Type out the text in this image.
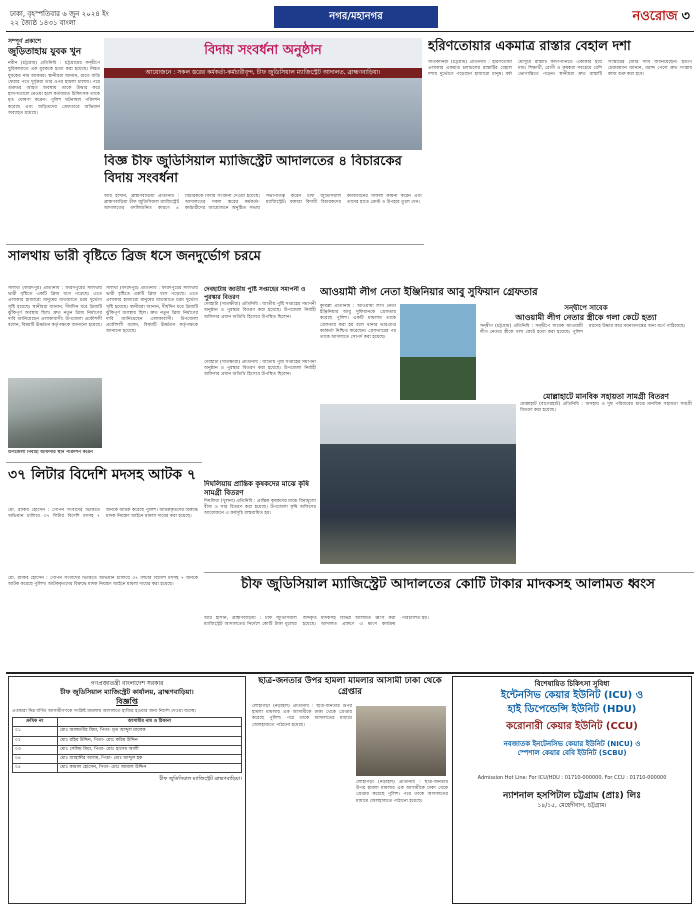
ঢাকা, বৃহস্পতিবার ৬ জুন ২০২৪ ইং
২২ জ্যৈষ্ঠ ১৪৩১ বাংলা
নগর/মহানগর	নওরোজ ৩
সম্পূর্ণ প্রকাশে
জুড়িতাহায় যুবক খুন
নবীন (চট্টগ্রাম) প্রতিনিধি : চট্টগ্রামের সন্দ্বীপে ছুরিকাঘাতে এক যুবককে হত্যা করা হয়েছে। নিহত যুবকের নাম আকবর। স্থানীয়রা জানান, রাতে বাড়ি ফেরার পথে দুর্বৃত্তরা তার ওপর হামলা চালায়। পরে গুরুতর আহত অবস্থায় তাকে উদ্ধার করে হাসপাতালে নেওয়া হলে কর্তব্যরত চিকিৎসক তাকে মৃত ঘোষণা করেন। পুলিশ ঘটনাস্থল পরিদর্শন করেছে এবং জড়িতদের গ্রেফতারে অভিযান অব্যাহত রয়েছে।
বিদায় সংবর্ধনা অনুষ্ঠান
আয়োজনে : সকল স্তরের কর্মকর্তা-কর্মচারীবৃন্দ, চীফ জুডিসিয়াল ম্যাজিস্ট্রেট আদালত, ব্রাহ্মণবাড়িয়া।
বিজ্ঞ চীফ জুডিসিয়াল ম্যাজিস্ট্রেট আদালতের ৪ বিচারকের বিদায় সংবর্ধনা
আর হাসান, ব্রাহ্মণবাড়িয়া প্রতিনিধি : ব্রাহ্মণবাড়িয়া চীফ জুডিসিয়াল ম্যাজিস্ট্রেট আদালতের বদলিজনিত কারণে ৪ বিচারককে বিদায় সংবর্ধনা দেওয়া হয়েছে। আদালতের সকল স্তরের কর্মকর্তা-কর্মচারীদের আয়োজনে অনুষ্ঠিত সভায় সভাপতিত্ব করেন চীফ জুডিসিয়াল ম্যাজিস্ট্রেট। বক্তারা বিদায়ী বিচারকদের কর্মজীবনের সাফল্য কামনা করেন এবং তাদের হাতে ক্রেস্ট ও উপহার তুলে দেন।
সালথায় ভারী বৃষ্টিতে ব্রিজ ধসে জনদুর্ভোগ চরমে
সালথা (ফরিদপুর) প্রতিনিধি : ফরিদপুরের সালথায় ভারী বৃষ্টিতে একটি ব্রিজ ধসে পড়েছে। এতে এলাকার হাজারো মানুষের যাতায়াতে চরম দুর্ভোগ সৃষ্টি হয়েছে। স্থানীয়রা জানান, দীর্ঘদিন ধরে ব্রিজটি ঝুঁকিপূর্ণ অবস্থায় ছিল। দ্রুত নতুন ব্রিজ নির্মাণের দাবি জানিয়েছেন এলাকাবাসী। উপজেলা প্রকৌশলী বলেন, বিষয়টি ঊর্ধ্বতন কর্তৃপক্ষকে জানানো হয়েছে।
সালথা (ফরিদপুর) প্রতিনিধি : ফরিদপুরের সালথায় ভারী বৃষ্টিতে একটি ব্রিজ ধসে পড়েছে। এতে এলাকার হাজারো মানুষের যাতায়াতে চরম দুর্ভোগ সৃষ্টি হয়েছে। স্থানীয়রা জানান, দীর্ঘদিন ধরে ব্রিজটি ঝুঁকিপূর্ণ অবস্থায় ছিল। দ্রুত নতুন ব্রিজ নির্মাণের দাবি জানিয়েছেন এলাকাবাসী। উপজেলা প্রকৌশলী বলেন, বিষয়টি ঊর্ধ্বতন কর্তৃপক্ষকে জানানো হয়েছে।
উপজেলা নির্বাহী অফিসার স্থান পরিদর্শন করেন
৩৭ লিটার বিদেশি মদসহ আটক ৭
মো. রাকিব হোসেন : গোপন সংবাদের ভিত্তিতে অভিযান চালিয়ে ৩৭ লিটার বিদেশি মদসহ ৭ জনকে আটক করেছে পুলিশ। আটককৃতদের বিরুদ্ধে মাদক নিয়ন্ত্রণ আইনে মামলা দায়ের করা হয়েছে।
দেবহাটায় জাতীয় পুষ্টি সপ্তাহের সমাপনী ও পুরস্কার বিতরণ
দেবহাটা (সাতক্ষীরা) প্রতিনিধি : জাতীয় পুষ্টি সপ্তাহের সমাপনী অনুষ্ঠান ও পুরস্কার বিতরণ করা হয়েছে। উপজেলা নির্বাহী অফিসার প্রধান অতিথি হিসেবে উপস্থিত ছিলেন।
দেবহাটা (সাতক্ষীরা) প্রতিনিধি : জাতীয় পুষ্টি সপ্তাহের সমাপনী অনুষ্ঠান ও পুরস্কার বিতরণ করা হয়েছে। উপজেলা নির্বাহী অফিসার প্রধান অতিথি হিসেবে উপস্থিত ছিলেন।
আওয়ামী লীগ নেতা ইঞ্জিনিয়ার আবু সুফিয়ান গ্রেফতার
কুমিল্লা প্রতিনিধি : আওয়ামী লীগ নেতা ইঞ্জিনিয়ার আবু সুফিয়ানকে গ্রেফতার করেছে পুলিশ। একটি মামলায় তাকে গ্রেফতার করা হয় বলে থানার ভারপ্রাপ্ত কর্মকর্তা নিশ্চিত করেছেন। গ্রেফতারের পর তাকে আদালতে সোপর্দ করা হয়েছে।
দিঘলিয়ায় প্রান্তিক কৃষকদের মাঝে কৃষি সামগ্রী বিতরণ
দিঘলিয়া (খুলনা) প্রতিনিধি : প্রান্তিক কৃষকদের মাঝে বিনামূল্যে বীজ ও সার বিতরণ করা হয়েছে। উপজেলা কৃষি অফিসের আয়োজনে এ কর্মসূচি বাস্তবায়িত হয়।
হরিণতোয়ার একমাত্র রাস্তার বেহাল দশা
সাতকানিয়া (চট্টগ্রাম) প্রতিনিধি : হরিণতোয়া এলাকার একমাত্র চলাচলের রাস্তাটির বেহাল দশায় দুর্ভোগে পড়েছেন হাজারো মানুষ। বর্ষা মৌসুমে রাস্তাটি কাদাপানিতে একাকার হয়ে যায়। শিক্ষার্থী, রোগী ও কৃষকরা সবচেয়ে বেশি ভোগান্তিতে পড়েন। স্থানীয়রা দ্রুত রাস্তাটি সংস্কারের জোর দাবি জানিয়েছেন। ইউপি চেয়ারম্যান জানান, বরাদ্দ পেলে দ্রুত সংস্কার কাজ শুরু করা হবে।
সন্দ্বীপে সাবেক
আওয়ামী লীগ নেতার স্ত্রীকে গলা কেটে হত্যা
সন্দ্বীপ (চট্টগ্রাম) প্রতিনিধি : সন্দ্বীপে সাবেক আওয়ামী লীগ নেতার স্ত্রীকে গলা কেটে হত্যা করা হয়েছে। পুলিশ মরদেহ উদ্ধার করে ময়নাতদন্তের জন্য মর্গে পাঠিয়েছে।
মোল্লাহাটে মানবিক সহায়তা সামগ্রী বিতরণ
মোল্লাহাট (বাগেরহাট) প্রতিনিধি : অসহায় ও দুস্থ পরিবারের মাঝে মানবিক সহায়তা সামগ্রী বিতরণ করা হয়েছে।
চীফ জুডিসিয়াল ম্যাজিস্ট্রেট আদালতের কোটি টাকার মাদকসহ আলামত ধ্বংস
আর হাসান, ব্রাহ্মণবাড়িয়া : চীফ জুডিসিয়াল ম্যাজিস্ট্রেট আদালতের নির্দেশে কোটি টাকা মূল্যের জব্দকৃত মাদকসহ বিভিন্ন আলামত ধ্বংস করা হয়েছে। আদালত প্রাঙ্গণে এ ধ্বংস কার্যক্রম পরিচালিত হয়।
মো. রাকিব হোসেন : গোপন সংবাদের ভিত্তিতে অভিযান চালিয়ে ৩৭ লিটার বিদেশি মদসহ ৭ জনকে আটক করেছে পুলিশ। আটককৃতদের বিরুদ্ধে মাদক নিয়ন্ত্রণ আইনে মামলা দায়ের করা হয়েছে।
গণপ্রজাতন্ত্রী বাংলাদেশ সরকার
চীফ জুডিসিয়াল ম্যাজিস্ট্রেট কার্যালয়, ব্রাহ্মণবাড়িয়া।
বিজ্ঞপ্তি
এতদ্বারা নিম্ন বর্ণিত আসামীগণকে সংশ্লিষ্ট মামলায় আদালতে হাজির হওয়ার জন্য নির্দেশ দেওয়া যাচ্ছে।
ক্রমিক নং	আসামীর নাম ও ঠিকানা
০১	মোঃ আলমগীর মিয়া, পিতা- মৃত আব্দুল মালেক
০২	মোঃ রহিম উদ্দিন, পিতা- মোঃ করিম উদ্দিন
০৩	মোঃ সেলিম মিয়া, পিতা- মোঃ হাসেম আলী
০৪	মোঃ জাহাঙ্গীর আলম, পিতা- মোঃ আব্দুল হক
০৫	মোঃ কামাল হোসেন, পিতা- মোঃ জামাল উদ্দিন
চীফ জুডিসিয়াল ম্যাজিস্ট্রেট ব্রাহ্মণবাড়িয়া।
ছাত্র-জনতার উপর হামলা মামলার আসামী ঢাকা থেকে গ্রেপ্তার
লোহাগড়া (নড়াইল) প্রতিনিধি : ছাত্র-জনতার উপর হামলা মামলার এক আসামীকে ঢাকা থেকে গ্রেপ্তার করেছে পুলিশ। পরে তাকে আদালতের মাধ্যমে জেলহাজতে পাঠানো হয়েছে।
লোহাগড়া (নড়াইল) প্রতিনিধি : ছাত্র-জনতার উপর হামলা মামলার এক আসামীকে ঢাকা থেকে গ্রেপ্তার করেছে পুলিশ। পরে তাকে আদালতের মাধ্যমে জেলহাজতে পাঠানো হয়েছে।
বিশেষায়িত চিকিৎসা সুবিধা
ইন্টেনসিভ কেয়ার ইউনিট (ICU) ও
হাই ডিপেন্ডেন্সি ইউনিট (HDU)
করোনারী কেয়ার ইউনিট (CCU)
নবজাতক ইনটেনসিভ কেয়ার ইউনিট (NICU) ও
স্পেশাল কেয়ার বেবি ইউনিট (SCBU)
Admission Hot Line: For ICU/HDU : 01710-000000, For CCU : 01710-000000
ন্যাশনাল হসপিটাল চট্টগ্রাম (প্রাঃ) লিঃ
১৪/১৫, মেহেদীবাগ, চট্টগ্রাম।
